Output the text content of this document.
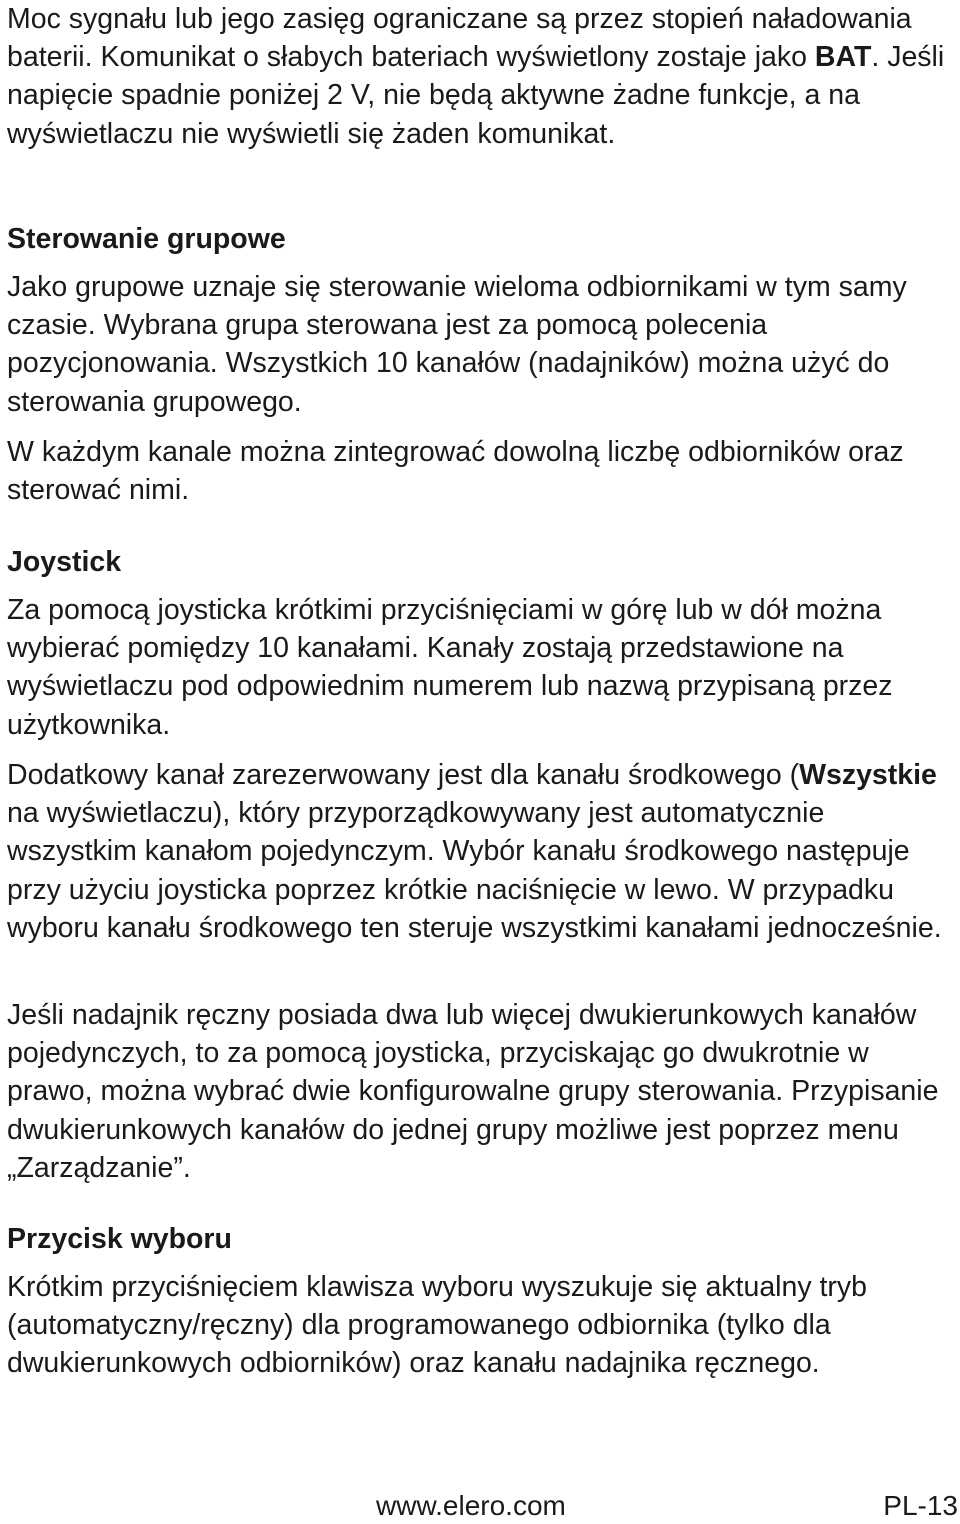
Moc sygnału lub jego zasięg ograniczane są przez stopień naładowania baterii. Komunikat o słabych bateriach wyświetlony zostaje jako BAT. Jeśli napięcie spadnie poniżej 2 V, nie będą aktywne żadne funkcje, a na wyświetlaczu nie wyświetli się żaden komunikat.

Sterowanie grupowe

Jako grupowe uznaje się sterowanie wieloma odbiornikami w tym samy czasie. Wybrana grupa sterowana jest za pomocą polecenia pozycjonowania. Wszystkich 10 kanałów (nadajników) można użyć do sterowania grupowego.

W każdym kanale można zintegrować dowolną liczbę odbiorników oraz sterować nimi.

Joystick

Za pomocą joysticka krótkimi przyciśnięciami w górę lub w dół można wybierać pomiędzy 10 kanałami. Kanały zostają przedstawione na wyświetlaczu pod odpowiednim numerem lub nazwą przypisaną przez użytkownika.

Dodatkowy kanał zarezerwowany jest dla kanału środkowego (Wszystkie na wyświetlaczu), który przyporządkowywany jest automatycznie wszystkim kanałom pojedynczym. Wybór kanału środkowego następuje przy użyciu joysticka poprzez krótkie naciśnięcie w lewo. W przypadku wyboru kanału środkowego ten steruje wszystkimi kanałami jednocześnie.

Jeśli nadajnik ręczny posiada dwa lub więcej dwukierunkowych kanałów pojedynczych, to za pomocą joysticka, przyciskając go dwukrotnie w prawo, można wybrać dwie konfigurowalne grupy sterowania. Przypisanie dwukierunkowych kanałów do jednej grupy możliwe jest poprzez menu „Zarządzanie”.

Przycisk wyboru

Krótkim przyciśnięciem klawisza wyboru wyszukuje się aktualny tryb (automatyczny/ręczny) dla programowanego odbiornika (tylko dla dwukierunkowych odbiorników) oraz kanału nadajnika ręcznego.

www.elero.com	PL-13
